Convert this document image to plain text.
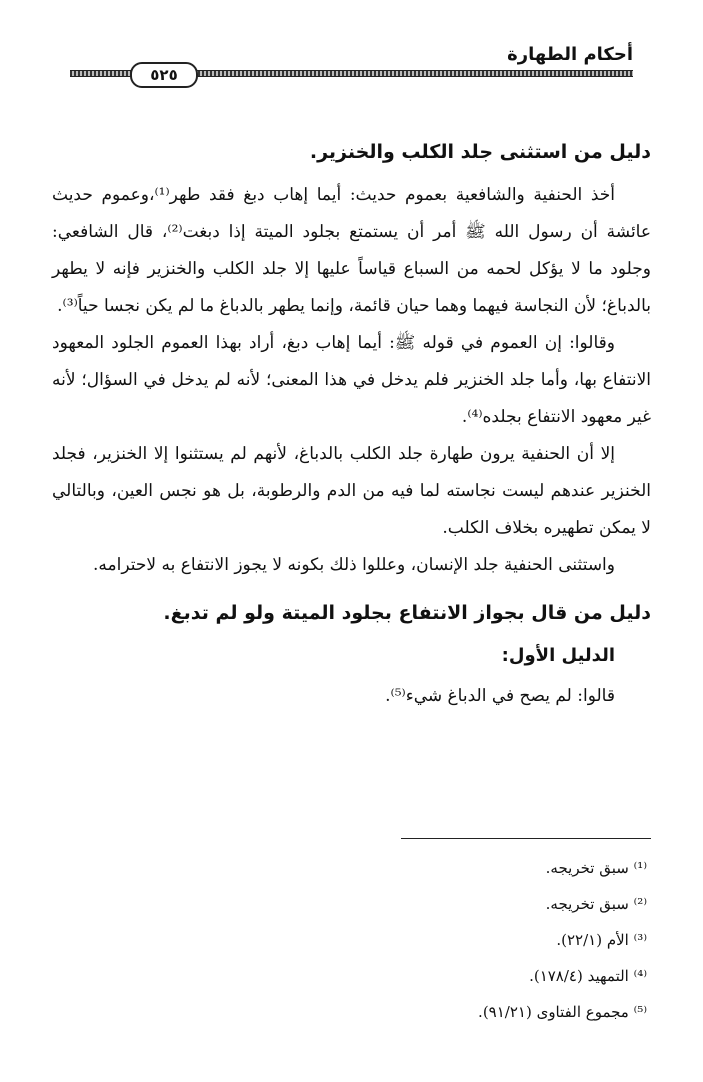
أحكام الطهارة
٥٢٥
دليل من استثنى جلد الكلب والخنزير.

أخذ الحنفية والشافعية بعموم حديث: أيما إهاب دبغ فقد طهر⁽¹⁾،وعموم حديث عائشة أن رسول الله ﷺ أمر أن يستمتع بجلود الميتة إذا دبغت⁽²⁾، قال الشافعي: وجلود ما لا يؤكل لحمه من السباع قياساً عليها إلا جلد الكلب والخنزير فإنه لا يطهر بالدباغ؛ لأن النجاسة فيهما وهما حيان قائمة، وإنما يطهر بالدباغ ما لم يكن نجسا حياً⁽³⁾.

وقالوا: إن العموم في قوله ﷺ: أيما إهاب دبغ، أراد بهذا العموم الجلود المعهود الانتفاع بها، وأما جلد الخنزير فلم يدخل في هذا المعنى؛ لأنه لم يدخل في السؤال؛ لأنه غير معهود الانتفاع بجلده⁽⁴⁾.

إلا أن الحنفية يرون طهارة جلد الكلب بالدباغ، لأنهم لم يستثنوا إلا الخنزير، فجلد الخنزير عندهم ليست نجاسته لما فيه من الدم والرطوبة، بل هو نجس العين، وبالتالي لا يمكن تطهيره بخلاف الكلب.

واستثنى الحنفية جلد الإنسان، وعللوا ذلك بكونه لا يجوز الانتفاع به لاحترامه.

دليل من قال بجواز الانتفاع بجلود الميتة ولو لم تدبغ.
الدليل الأول:

قالوا: لم يصح في الدباغ شيء⁽⁵⁾.

⁽¹⁾ سبق تخريجه.

⁽²⁾ سبق تخريجه.

⁽³⁾ الأم (٢٢/١).

⁽⁴⁾ التمهيد (١٧٨/٤).

⁽⁵⁾ مجموع الفتاوى (٩١/٢١).
